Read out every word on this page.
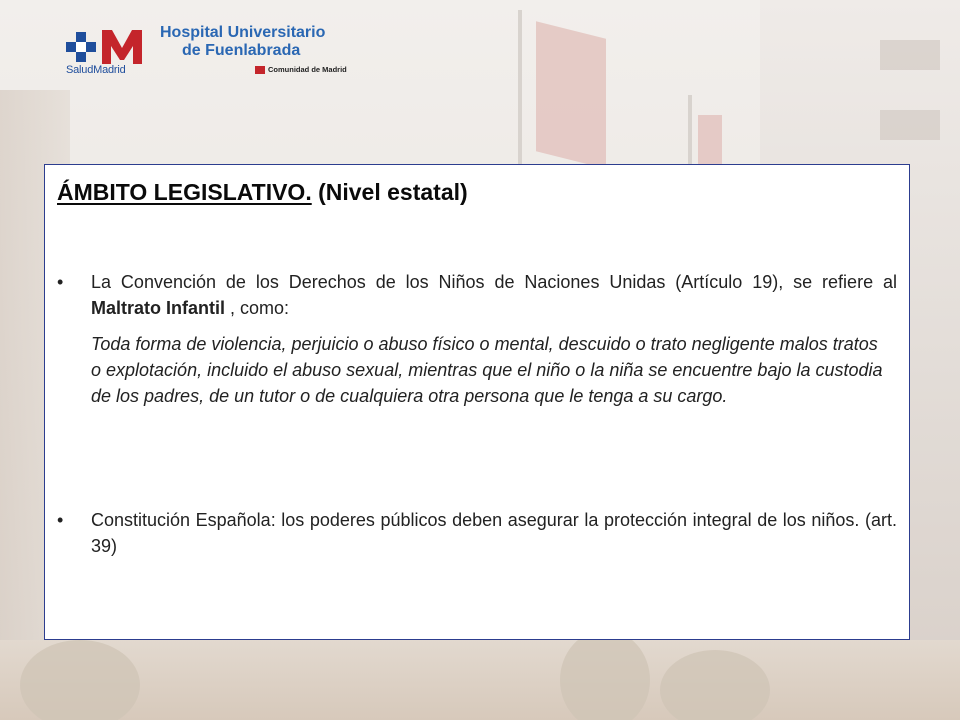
SaludMadrid
Hospital Universitario
de Fuenlabrada
Comunidad de Madrid
ÁMBITO LEGISLATIVO. (Nivel estatal)
• La Convención de los Derechos de los Niños de Naciones Unidas (Artículo 19), se refiere al Maltrato Infantil , como:
Toda forma de violencia, perjuicio o abuso físico o mental, descuido o trato negligente malos tratos o explotación, incluido el abuso sexual, mientras que el niño o la niña se encuentre bajo la custodia de los padres, de un tutor o de cualquiera otra persona que le tenga a su cargo.
• Constitución Española: los poderes públicos deben asegurar la protección integral de los niños. (art. 39)
